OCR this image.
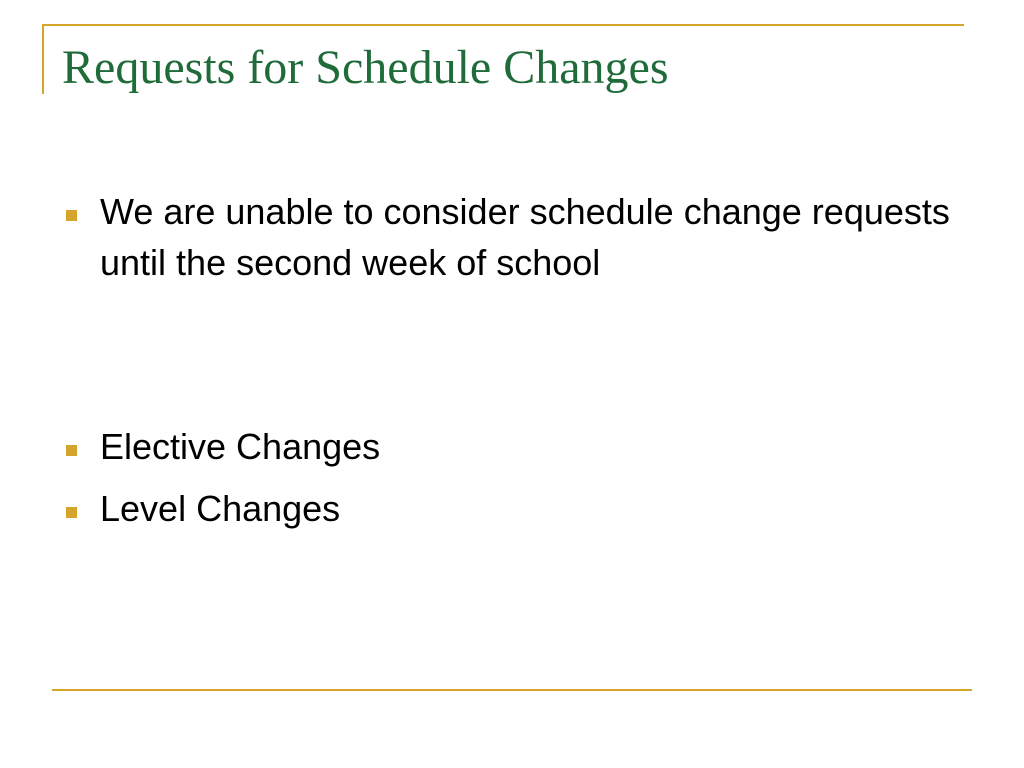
Requests for Schedule Changes
We are unable to consider schedule change requests until the second week of school
Elective Changes
Level Changes
